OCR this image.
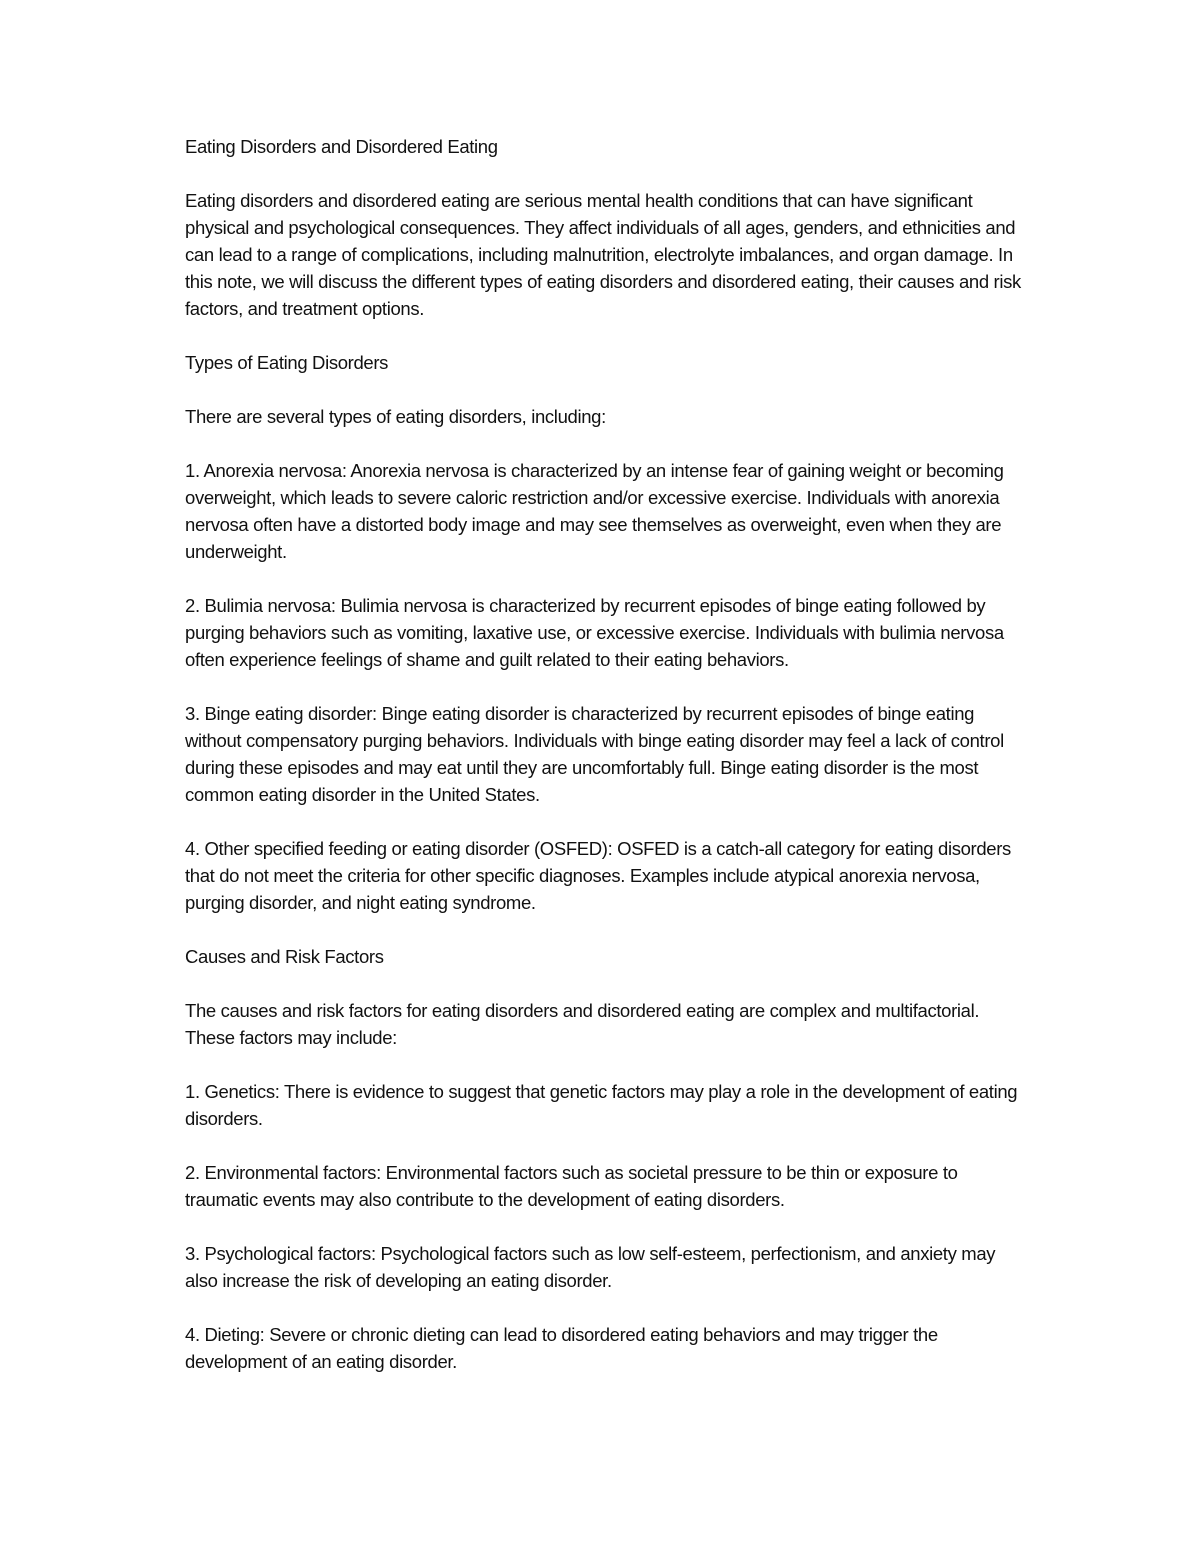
Eating Disorders and Disordered Eating

Eating disorders and disordered eating are serious mental health conditions that can have significant physical and psychological consequences. They affect individuals of all ages, genders, and ethnicities and can lead to a range of complications, including malnutrition, electrolyte imbalances, and organ damage. In this note, we will discuss the different types of eating disorders and disordered eating, their causes and risk factors, and treatment options.

Types of Eating Disorders

There are several types of eating disorders, including:

1. Anorexia nervosa: Anorexia nervosa is characterized by an intense fear of gaining weight or becoming overweight, which leads to severe caloric restriction and/or excessive exercise. Individuals with anorexia nervosa often have a distorted body image and may see themselves as overweight, even when they are underweight.

2. Bulimia nervosa: Bulimia nervosa is characterized by recurrent episodes of binge eating followed by purging behaviors such as vomiting, laxative use, or excessive exercise. Individuals with bulimia nervosa often experience feelings of shame and guilt related to their eating behaviors.

3. Binge eating disorder: Binge eating disorder is characterized by recurrent episodes of binge eating without compensatory purging behaviors. Individuals with binge eating disorder may feel a lack of control during these episodes and may eat until they are uncomfortably full. Binge eating disorder is the most common eating disorder in the United States.

4. Other specified feeding or eating disorder (OSFED): OSFED is a catch-all category for eating disorders that do not meet the criteria for other specific diagnoses. Examples include atypical anorexia nervosa, purging disorder, and night eating syndrome.

Causes and Risk Factors

The causes and risk factors for eating disorders and disordered eating are complex and multifactorial. These factors may include:

1. Genetics: There is evidence to suggest that genetic factors may play a role in the development of eating disorders.

2. Environmental factors: Environmental factors such as societal pressure to be thin or exposure to traumatic events may also contribute to the development of eating disorders.

3. Psychological factors: Psychological factors such as low self-esteem, perfectionism, and anxiety may also increase the risk of developing an eating disorder.

4. Dieting: Severe or chronic dieting can lead to disordered eating behaviors and may trigger the development of an eating disorder.
